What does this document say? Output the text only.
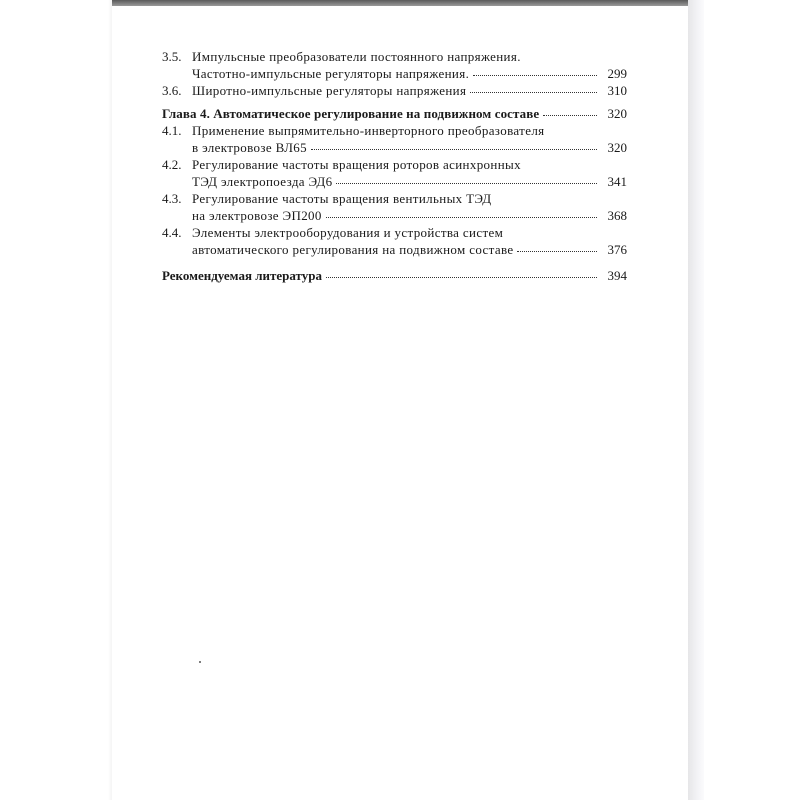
3.5. Импульсные преобразователи постоянного напряжения.
Частотно-импульсные регуляторы напряжения.	299
3.6. Широтно-импульсные регуляторы напряжения	310
Глава 4. Автоматическое регулирование на подвижном составе	320
4.1. Применение выпрямительно-инверторного преобразователя
в электровозе ВЛ65	320
4.2. Регулирование частоты вращения роторов асинхронных
ТЭД электропоезда ЭД6	341
4.3. Регулирование частоты вращения вентильных ТЭД
на электровозе ЭП200	368
4.4. Элементы электрооборудования и устройства систем
автоматического регулирования на подвижном составе	376
Рекомендуемая литература	394
